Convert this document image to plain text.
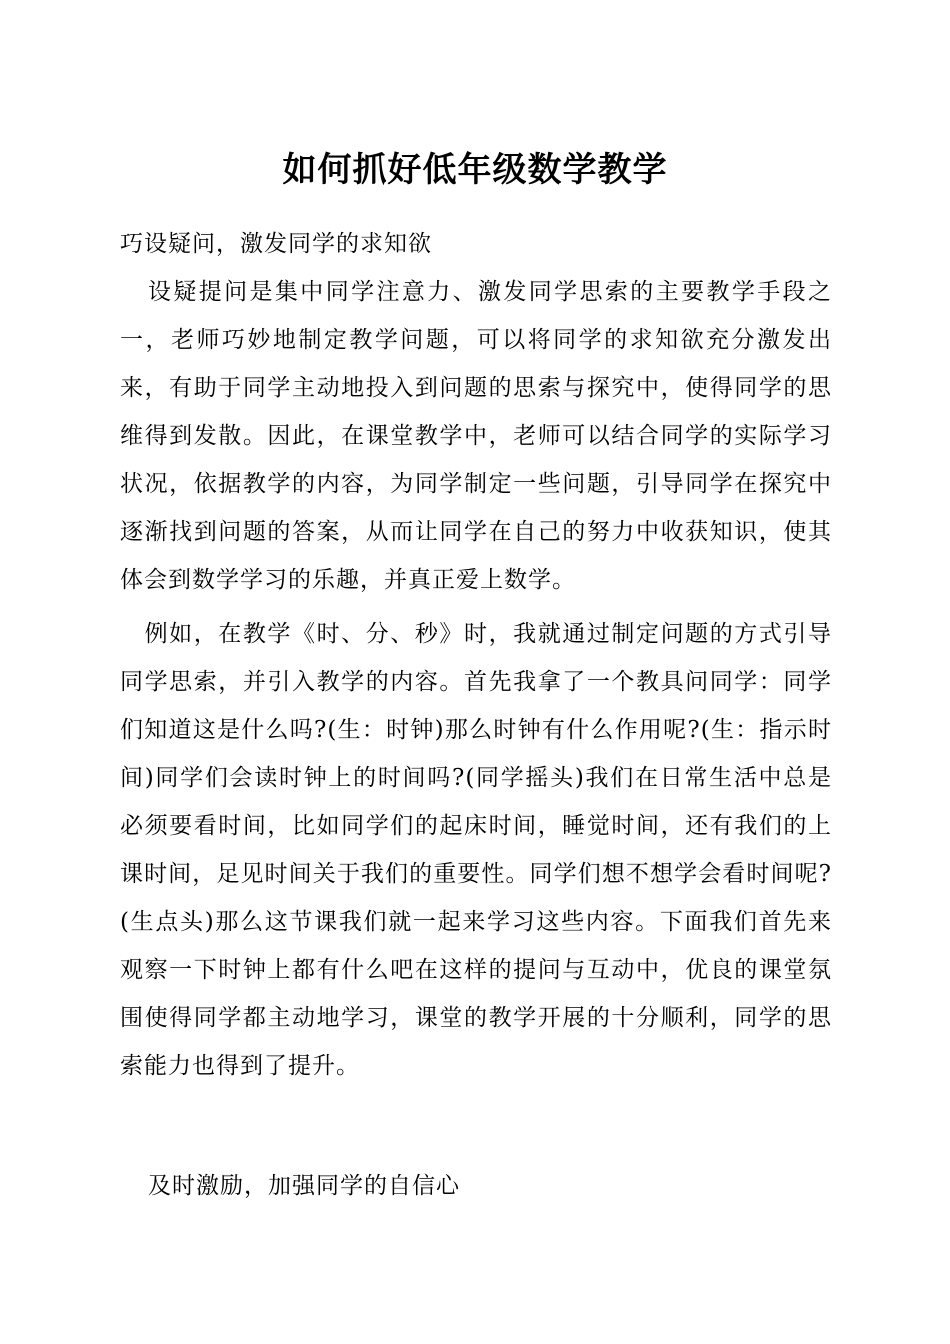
如何抓好低年级数学教学
巧设疑问，激发同学的求知欲
设疑提问是集中同学注意力、激发同学思索的主要教学手段之一，老师巧妙地制定教学问题，可以将同学的求知欲充分激发出来，有助于同学主动地投入到问题的思索与探究中，使得同学的思维得到发散。因此，在课堂教学中，老师可以结合同学的实际学习状况，依据教学的内容，为同学制定一些问题，引导同学在探究中逐渐找到问题的答案，从而让同学在自己的努力中收获知识，使其体会到数学学习的乐趣，并真正爱上数学。
　例如，在教学《时、分、秒》时，我就通过制定问题的方式引导同学思索，并引入教学的内容。首先我拿了一个教具问同学：同学们知道这是什么吗?(生：时钟)那么时钟有什么作用呢?(生：指示时间)同学们会读时钟上的时间吗?(同学摇头)我们在日常生活中总是必须要看时间，比如同学们的起床时间，睡觉时间，还有我们的上课时间，足见时间关于我们的重要性。同学们想不想学会看时间呢?(生点头)那么这节课我们就一起来学习这些内容。下面我们首先来观察一下时钟上都有什么吧在这样的提问与互动中，优良的课堂氛围使得同学都主动地学习，课堂的教学开展的十分顺利，同学的思索能力也得到了提升。
及时激励，加强同学的自信心
